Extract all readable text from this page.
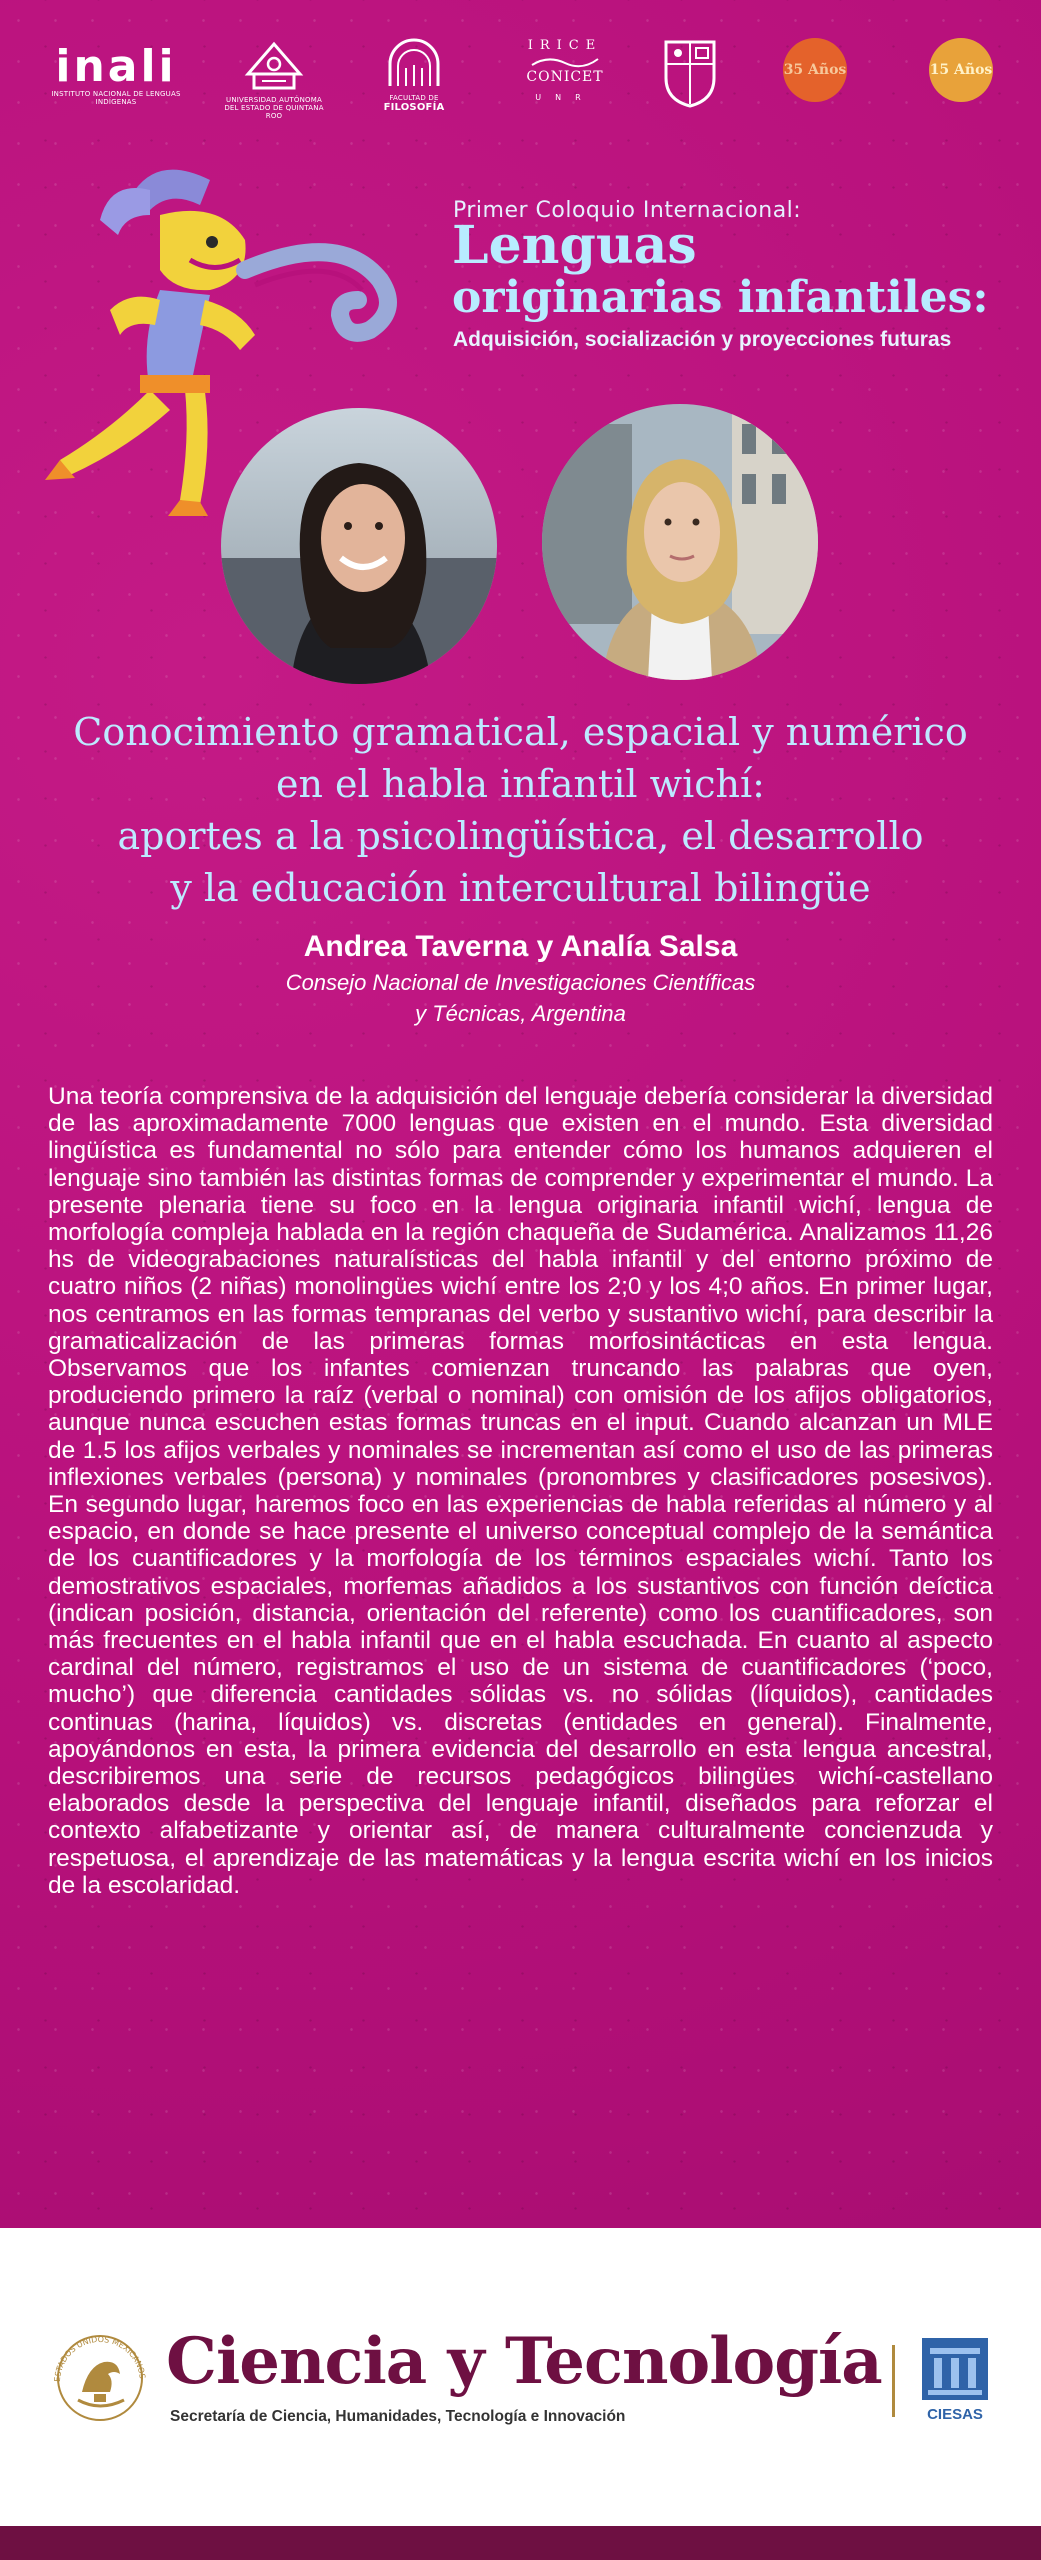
inali
INSTITUTO NACIONAL DE LENGUAS INDÍGENAS	UNIVERSIDAD AUTÓNOMA DEL ESTADO DE QUINTANA ROO
FACULTAD DE
FILOSOFÍA
IRICE
CONICET
UNR
35 Años	15 Años
Primer Coloquio Internacional:
Lenguas
originarias infantiles:
Adquisición, socialización y proyecciones futuras
Conocimiento gramatical, espacial y numérico
en el habla infantil wichí:
aportes a la psicolingüística, el desarrollo
y la educación intercultural bilingüe
Andrea Taverna y Analía Salsa
Consejo Nacional de Investigaciones Científicas
y Técnicas, Argentina

Una teoría comprensiva de la adquisición del lenguaje debería considerar la diversidad de las aproximadamente 7000 lenguas que existen en el mundo. Esta diversidad lingüística es fundamental no sólo para entender cómo los humanos adquieren el lenguaje sino también las distintas formas de comprender y experimentar el mundo. La presente plenaria tiene su foco en la lengua originaria infantil wichí, lengua de morfología compleja hablada en la región chaqueña de Sudamérica. Analizamos 11,26 hs de videograbaciones naturalísticas del habla infantil y del entorno próximo de cuatro niños (2 niñas) monolingües wichí entre los 2;0 y los 4;0 años. En primer lugar, nos centramos en las formas tempranas del verbo y sustantivo wichí, para describir la gramaticalización de las primeras formas morfosintácticas en esta lengua. Observamos que los infantes comienzan truncando las palabras que oyen, produciendo primero la raíz (verbal o nominal) con omisión de los afijos obligatorios, aunque nunca escuchen estas formas truncas en el input. Cuando alcanzan un MLE de 1.5 los afijos verbales y nominales se incrementan así como el uso de las primeras inflexiones verbales (persona) y nominales (pronombres y clasificadores posesivos). En segundo lugar, haremos foco en las experiencias de habla referidas al número y al espacio, en donde se hace presente el universo conceptual complejo de la semántica de los cuantificadores y la morfología de los términos espaciales wichí. Tanto los demostrativos espaciales, morfemas añadidos a los sustantivos con función deíctica (indican posición, distancia, orientación del referente) como los cuantificadores, son más frecuentes en el habla infantil que en el habla escuchada. En cuanto al aspecto cardinal del número, registramos el uso de un sistema de cuantificadores (‘poco, mucho’) que diferencia cantidades sólidas vs. no sólidas (líquidos), cantidades continuas (harina, líquidos) vs. discretas (entidades en general). Finalmente, apoyándonos en esta, la primera evidencia del desarrollo en esta lengua ancestral, describiremos una serie de recursos pedagógicos bilingües wichí-castellano elaborados desde la perspectiva del lenguaje infantil, diseñados para reforzar el contexto alfabetizante y orientar así, de manera culturalmente concienzuda y respetuosa, el aprendizaje de las matemáticas y la lengua escrita wichí en los inicios de la escolaridad.

ESTADOS UNIDOS MEXICANOS Ciencia y Tecnología
Secretaría de Ciencia, Humanidades, Tecnología e Innovación	CIESAS
